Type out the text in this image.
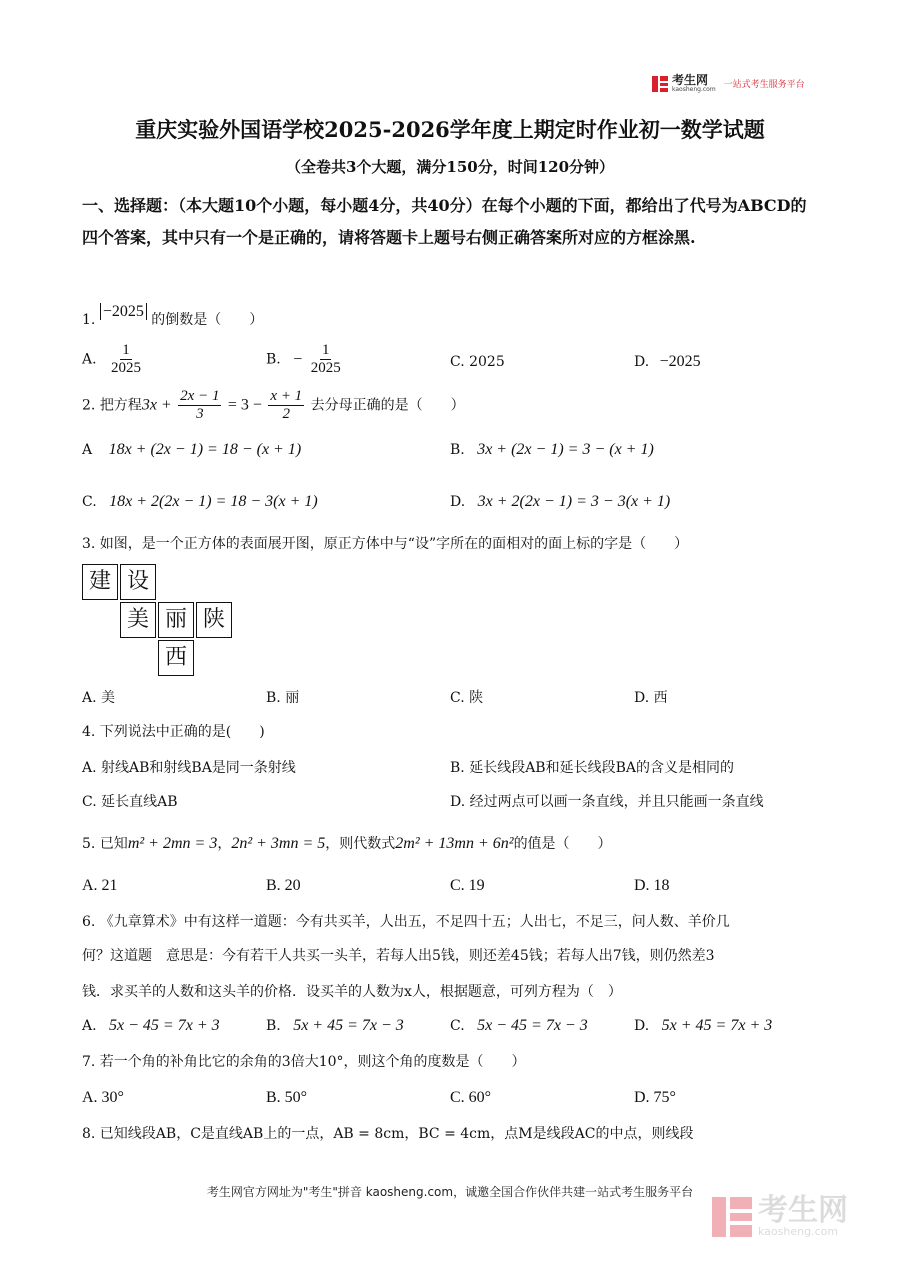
考生网
kaosheng.com 一站式考生服务平台
重庆实验外国语学校2025-2026学年度上期定时作业初一数学试题
（全卷共3个大题，满分150分，时间120分钟）
一、选择题：（本大题10个小题，每小题4分，共40分）在每个小题的下面，都给出了代号为ABCD的四个答案，其中只有一个是正确的，请将答题卡上题号右侧正确答案所对应的方框涂黑.
1. −2025 的倒数是（　　）
A. $\frac{1}{2025}$	B. − $\frac{1}{2025}$	C. 2025	D. −2025
2. 把方程$3x + \frac{2x - 1}{3} = 3 - \frac{x + 1}{2}$ 去分母正确的是（　　）
A 18x + (2x − 1) = 18 − (x + 1)	B. 3x + (2x − 1) = 3 − (x + 1)
C. 18x + 2(2x − 1) = 18 − 3(x + 1)	D. 3x + 2(2x − 1) = 3 − 3(x + 1)
3. 如图，是一个正方体的表面展开图，原正方体中与“设”字所在的面相对的面上标的字是（　　）
建 设
美 丽 陕
西
A. 美	B. 丽	C. 陕	D. 西
4. 下列说法中正确的是(　　)
A. 射线AB和射线BA是同一条射线	B. 延长线段AB和延长线段BA的含义是相同的
C. 延长直线AB	D. 经过两点可以画一条直线，并且只能画一条直线
5. 已知m² + 2mn = 3，2n² + 3mn = 5，则代数式2m² + 13mn + 6n²的值是（　　）
A. 21	B. 20	C. 19	D. 18
6. 《九章算术》中有这样一道题：今有共买羊，人出五，不足四十五；人出七，不足三，问人数、羊价几
何？这道题　意思是：今有若干人共买一头羊，若每人出5钱，则还差45钱；若每人出7钱，则仍然差3
钱．求买羊的人数和这头羊的价格．设买羊的人数为x人，根据题意，可列方程为（　）
A. 5x − 45 = 7x + 3	B. 5x + 45 = 7x − 3	C. 5x − 45 = 7x − 3	D. 5x + 45 = 7x + 3
7. 若一个角的补角比它的余角的3倍大10°，则这个角的度数是（　　）
A. 30°	B. 50°	C. 60°	D. 75°
8. 已知线段AB，C是直线AB上的一点，AB = 8cm，BC = 4cm，点M是线段AC的中点，则线段
考生网官方网址为"考生"拼音 kaosheng.com，诚邀全国合作伙伴共建一站式考生服务平台
考生网
kaosheng.com
